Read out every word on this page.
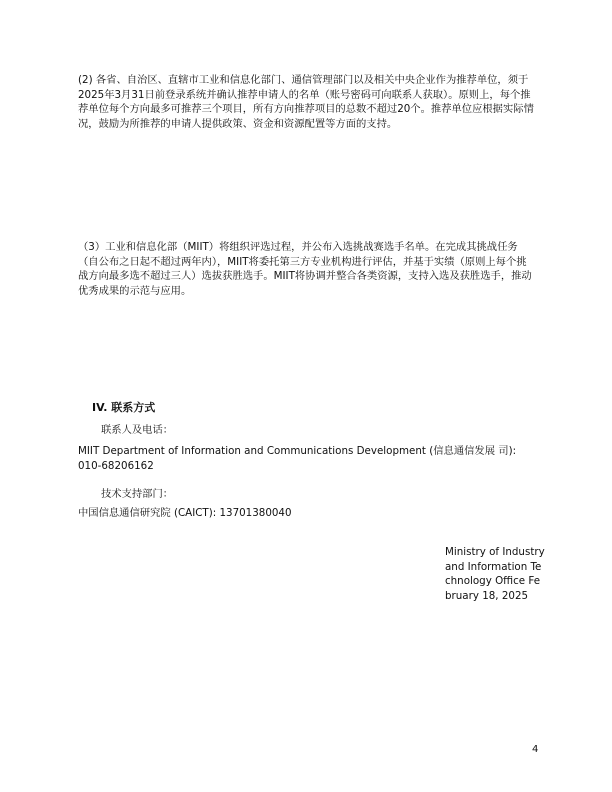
(2) 各省、自治区、直辖市工业和信息化部门、通信管理部门以及相关中央企业作为推荐单位，须于2025年3月31日前登录系统并确认推荐申请人的名单（账号密码可向联系人获取）。原则上，每个推荐单位每个方向最多可推荐三个项目，所有方向推荐项目的总数不超过20个。推荐单位应根据实际情况，鼓励为所推荐的申请人提供政策、资金和资源配置等方面的支持。

（3）工业和信息化部（MIIT）将组织评选过程，并公布入选挑战赛选手名单。在完成其挑战任务（自公布之日起不超过两年内），MIIT将委托第三方专业机构进行评估，并基于实绩（原则上每个挑战方向最多选不超过三人）选拔获胜选手。MIIT将协调并整合各类资源，支持入选及获胜选手，推动优秀成果的示范与应用。

IV. 联系方式

联系人及电话：

MIIT Department of Information and Communications Development (信息通信发展 司): 010-68206162

技术支持部门：

中国信息通信研究院 (CAICT): 13701380040

Ministry of Industry and Information Technology Office February 18, 2025

4
